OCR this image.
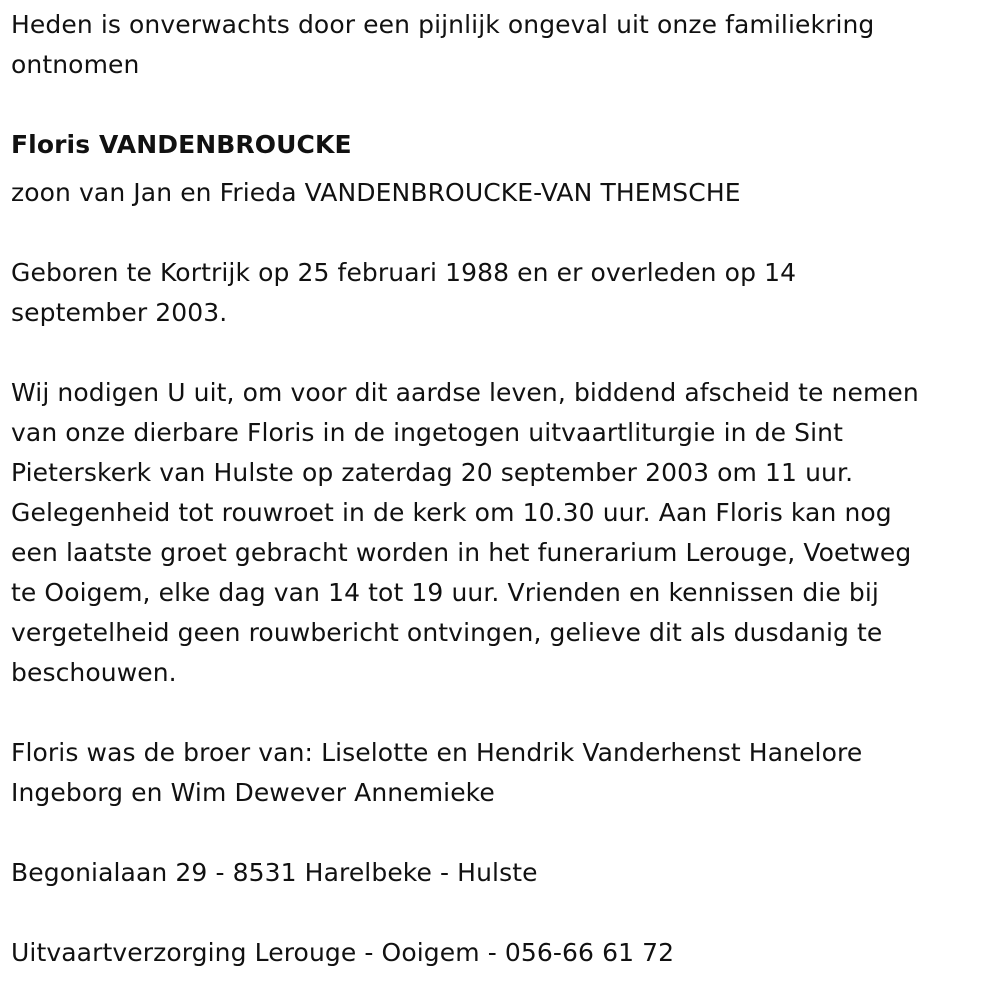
Heden is onverwachts door een pijnlijk ongeval uit onze familiekring
ontnomen
Floris VANDENBROUCKE
zoon van Jan en Frieda VANDENBROUCKE-VAN THEMSCHE
Geboren te Kortrijk op 25 februari 1988 en er overleden op 14
september 2003.
Wij nodigen U uit, om voor dit aardse leven, biddend afscheid te nemen
van onze dierbare Floris in de ingetogen uitvaartliturgie in de Sint
Pieterskerk van Hulste op zaterdag 20 september 2003 om 11 uur.
Gelegenheid tot rouwroet in de kerk om 10.30 uur. Aan Floris kan nog
een laatste groet gebracht worden in het funerarium Lerouge, Voetweg
te Ooigem, elke dag van 14 tot 19 uur. Vrienden en kennissen die bij
vergetelheid geen rouwbericht ontvingen, gelieve dit als dusdanig te
beschouwen.
Floris was de broer van: Liselotte en Hendrik Vanderhenst Hanelore
Ingeborg en Wim Dewever Annemieke
Begonialaan 29 - 8531 Harelbeke - Hulste
Uitvaartverzorging Lerouge - Ooigem - 056-66 61 72
